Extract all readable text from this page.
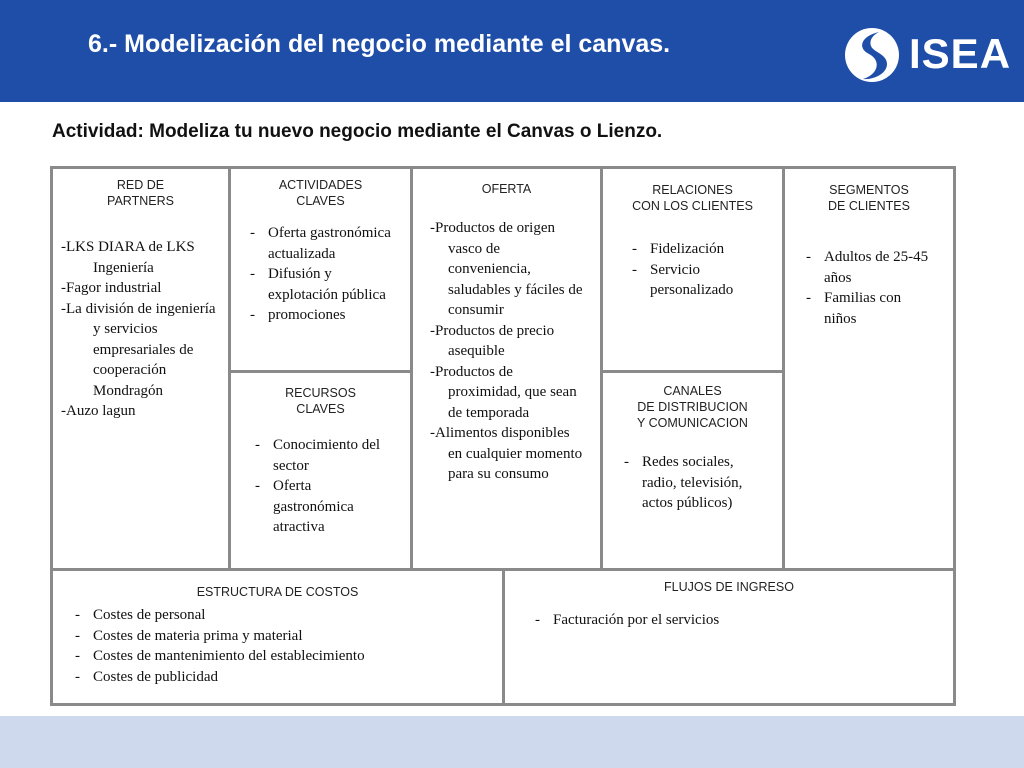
6.- Modelización del negocio mediante el canvas.	ISEA
Actividad: Modeliza tu nuevo negocio mediante el Canvas o Lienzo.
RED DE
PARTNERS
-LKS DIARA de LKS Ingeniería
-Fagor industrial
-La división de ingeniería y servicios empresariales de cooperación Mondragón
-Auzo lagun
ACTIVIDADES
CLAVES
- Oferta gastronómica actualizada
- Difusión y explotación pública
- promociones
RECURSOS
CLAVES
- Conocimiento del sector
- Oferta gastronómica atractiva
OFERTA
-Productos de origen vasco de conveniencia, saludables y fáciles de consumir
-Productos de precio asequible
-Productos de proximidad, que sean de temporada
-Alimentos disponibles en cualquier momento para su consumo
RELACIONES
CON LOS CLIENTES
- Fidelización
- Servicio personalizado
CANALES
DE DISTRIBUCION
Y COMUNICACION
- Redes sociales, radio, televisión, actos públicos)
SEGMENTOS
DE CLIENTES
- Adultos de 25-45 años
- Familias con niños
ESTRUCTURA DE COSTOS
- Costes de personal
- Costes de materia prima y material
- Costes de mantenimiento del establecimiento
- Costes de publicidad
FLUJOS DE INGRESO
- Facturación por el servicios
